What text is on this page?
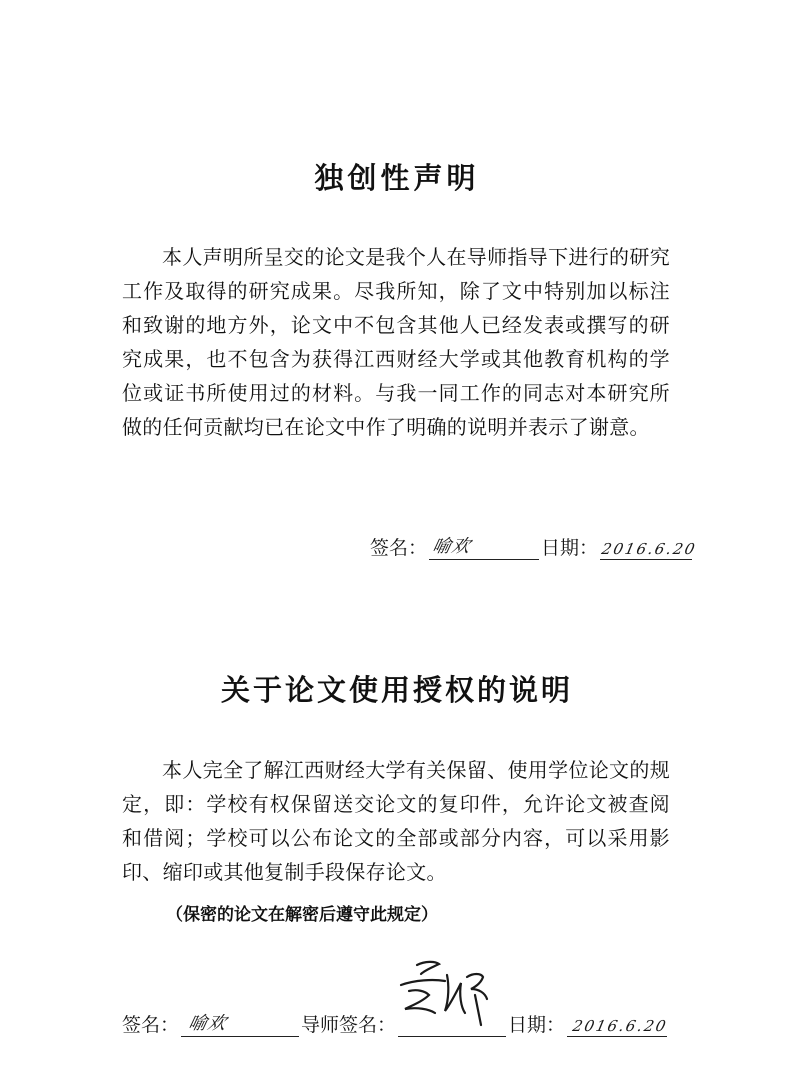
独创性声明
本人声明所呈交的论文是我个人在导师指导下进行的研究工作及取得的研究成果。尽我所知，除了文中特别加以标注和致谢的地方外，论文中不包含其他人已经发表或撰写的研究成果，也不包含为获得江西财经大学或其他教育机构的学位或证书所使用过的材料。与我一同工作的同志对本研究所做的任何贡献均已在论文中作了明确的说明并表示了谢意。
签名： 喻欢	日期： 2016.6.20
关于论文使用授权的说明
本人完全了解江西财经大学有关保留、使用学位论文的规定，即：学校有权保留送交论文的复印件，允许论文被查阅和借阅；学校可以公布论文的全部或部分内容，可以采用影印、缩印或其他复制手段保存论文。
（保密的论文在解密后遵守此规定）
签名： 喻欢	导师签名：	日期： 2016.6.20
